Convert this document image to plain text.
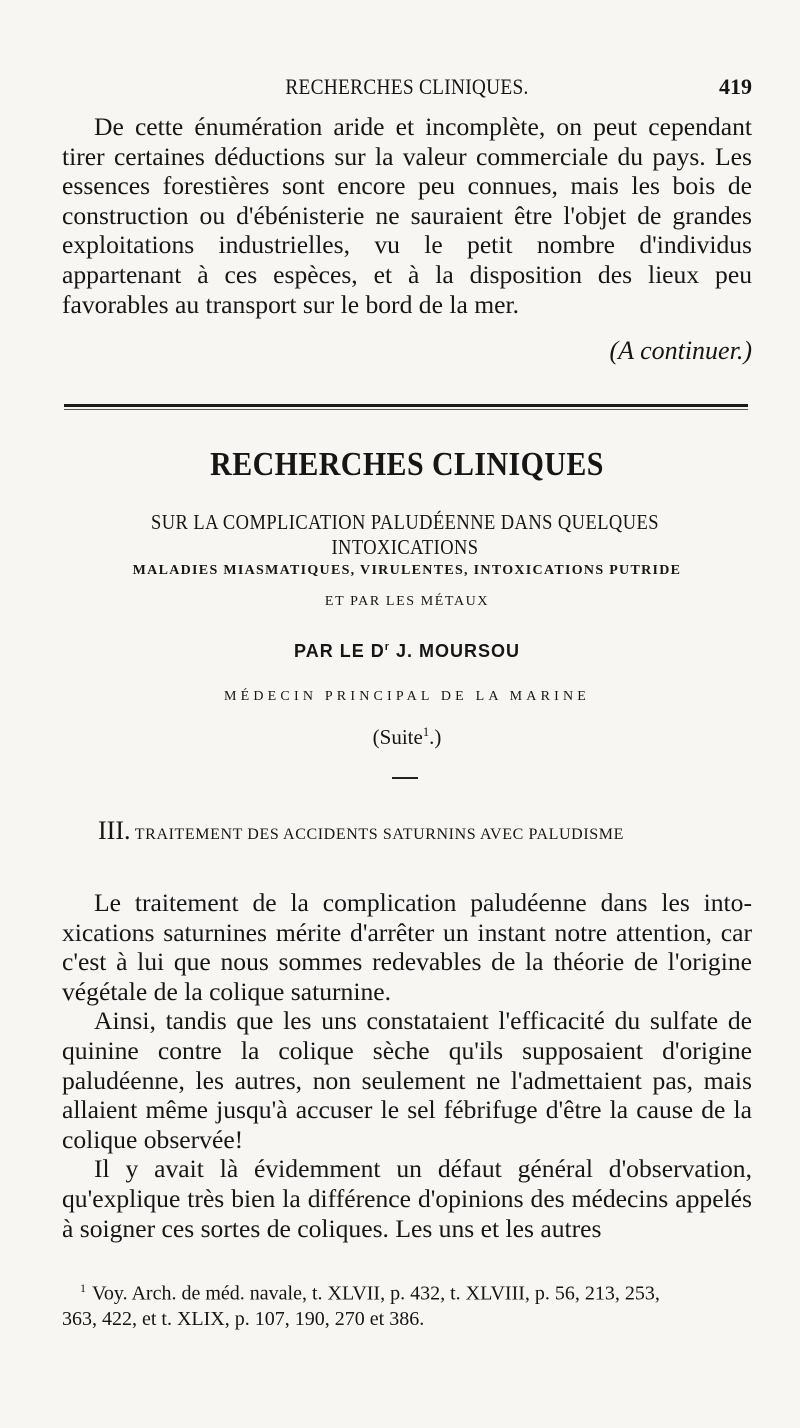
RECHERCHES CLINIQUES.	419

De cette énumération aride et incomplète, on peut cependant tirer certaines déductions sur la valeur commerciale du pays. Les essences forestières sont encore peu connues, mais les bois de construction ou d'ébénisterie ne sauraient être l'objet de grandes exploitations industrielles, vu le petit nombre d'individus appartenant à ces espèces, et à la disposition des lieux peu favorables au transport sur le bord de la mer.

(A continuer.)
RECHERCHES CLINIQUES
SUR LA COMPLICATION PALUDÉENNE DANS QUELQUES INTOXICATIONS
MALADIES MIASMATIQUES, VIRULENTES, INTOXICATIONS PUTRIDE
ET PAR LES MÉTAUX
PAR LE $D^r$ J. MOURSOU
MÉDECIN PRINCIPAL DE LA MARINE
(Suite$^1$.)
III. TRAITEMENT DES ACCIDENTS SATURNINS AVEC PALUDISME

Le traitement de la complication paludéenne dans les into- xications saturnines mérite d'arrêter un instant notre attention, car c'est à lui que nous sommes redevables de la théorie de l'origine végétale de la colique saturnine.

Ainsi, tandis que les uns constataient l'efficacité du sulfate de quinine contre la colique sèche qu'ils supposaient d'origine paludéenne, les autres, non seulement ne l'admettaient pas, mais allaient même jusqu'à accuser le sel fébrifuge d'être la cause de la colique observée!

Il y avait là évidemment un défaut général d'observation, qu'explique très bien la différence d'opinions des médecins appelés à soigner ces sortes de coliques. Les uns et les autres

$^1$ Voy. Arch. de méd. navale, t. XLVII, p. 432, t. XLVIII, p. 56, 213, 253,
363, 422, et t. XLIX, p. 107, 190, 270 et 386.
